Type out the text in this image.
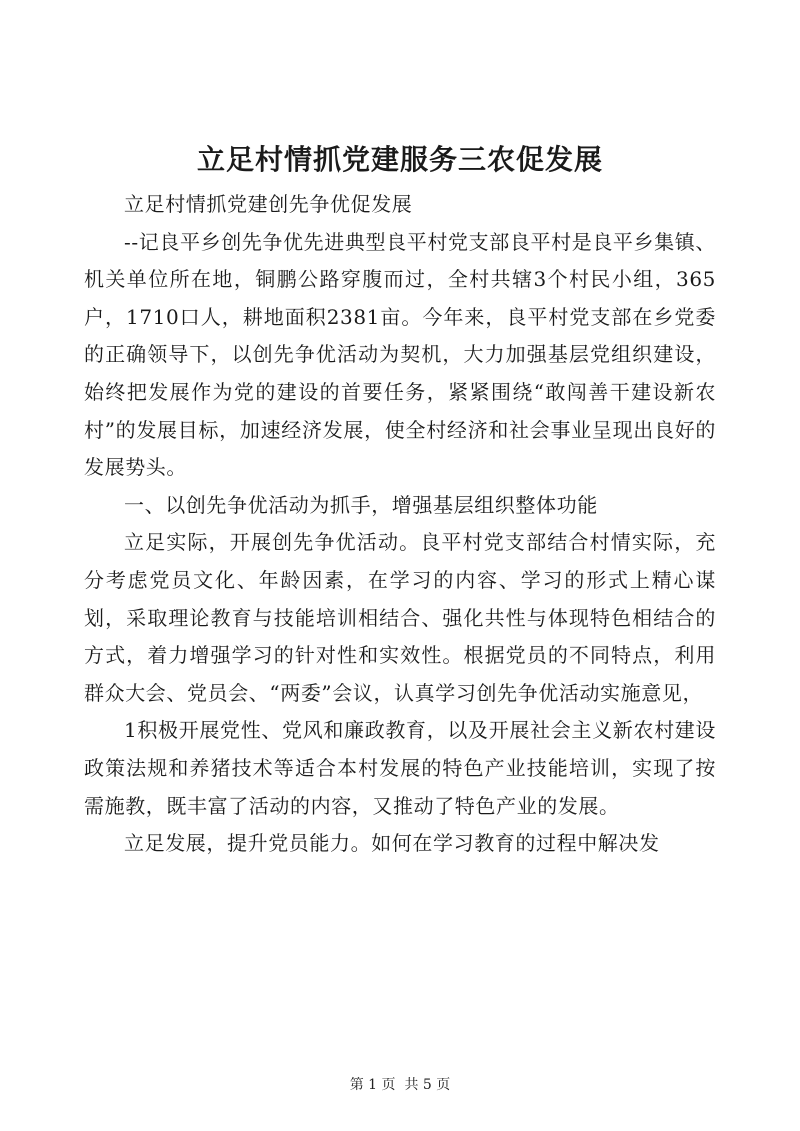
立足村情抓党建服务三农促发展

立足村情抓党建创先争优促发展

--记良平乡创先争优先进典型良平村党支部良平村是良平乡集镇、机关单位所在地，铜鹏公路穿腹而过，全村共辖3个村民小组，365户，1710口人，耕地面积2381亩。今年来，良平村党支部在乡党委的正确领导下，以创先争优活动为契机，大力加强基层党组织建设，始终把发展作为党的建设的首要任务，紧紧围绕“敢闯善干建设新农村”的发展目标，加速经济发展，使全村经济和社会事业呈现出良好的发展势头。

一、以创先争优活动为抓手，增强基层组织整体功能

立足实际，开展创先争优活动。良平村党支部结合村情实际，充分考虑党员文化、年龄因素，在学习的内容、学习的形式上精心谋划，采取理论教育与技能培训相结合、强化共性与体现特色相结合的方式，着力增强学习的针对性和实效性。根据党员的不同特点，利用群众大会、党员会、“两委”会议，认真学习创先争优活动实施意见，

1积极开展党性、党风和廉政教育，以及开展社会主义新农村建设政策法规和养猪技术等适合本村发展的特色产业技能培训，实现了按需施教，既丰富了活动的内容，又推动了特色产业的发展。

立足发展，提升党员能力。如何在学习教育的过程中解决发

第 1 页  共 5 页
